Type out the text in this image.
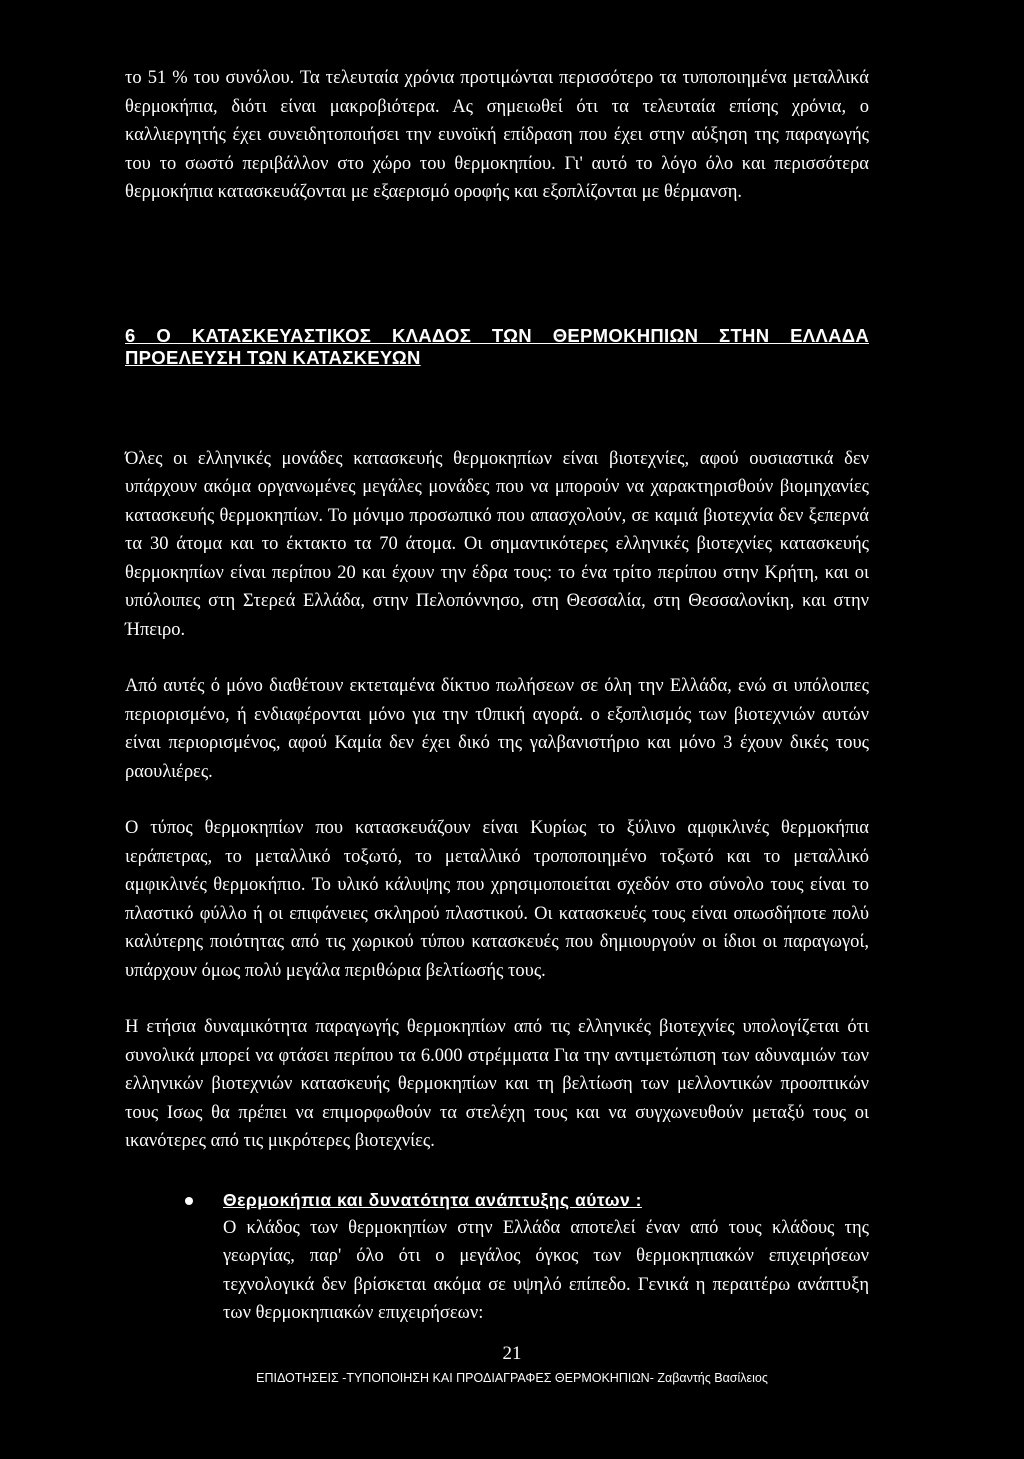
το 51 % του συνόλου. Τα τελευταία χρόνια προτιμώνται περισσότερο τα τυποποιημένα μεταλλικά θερμοκήπια, διότι είναι μακροβιότερα. Ας σημειωθεί ότι τα τελευταία επίσης χρόνια, ο καλλιεργητής έχει συνειδητοποιήσει την ευνοϊκή επίδραση που έχει στην αύξηση της παραγωγής του το σωστό περιβάλλον στο χώρο του θερμοκηπίου. Γι' αυτό το λόγο όλο και περισσότερα θερμοκήπια κατασκευάζονται με εξαερισμό οροφής και εξοπλίζονται με θέρμανση.

6 Ο ΚΑΤΑΣΚΕΥΑΣΤΙΚΟΣ ΚΛΑΔΟΣ ΤΩΝ ΘΕΡΜΟΚΗΠΙΩΝ ΣΤΗΝ ΕΛΛΑΔΑ ΠΡΟΕΛΕΥΣΗ ΤΩΝ ΚΑΤΑΣΚΕΥΩΝ

Όλες οι ελληνικές μονάδες κατασκευής θερμοκηπίων είναι βιοτεχνίες, αφού ουσιαστικά δεν υπάρχουν ακόμα οργανωμένες μεγάλες μονάδες που να μπορούν να χαρακτηρισθούν βιομηχανίες κατασκευής θερμοκηπίων. Το μόνιμο προσωπικό που απασχολούν, σε καμιά βιοτεχνία δεν ξεπερνά τα 30 άτομα και το έκτακτο τα 70 άτομα. Οι σημαντικότερες ελληνικές βιοτεχνίες κατασκευής θερμοκηπίων είναι περίπου 20 και έχουν την έδρα τους: το ένα τρίτο περίπου στην Κρήτη, και οι υπόλοιπες στη Στερεά Ελλάδα, στην Πελοπόννησο, στη Θεσσαλία, στη Θεσσαλονίκη, και στην Ήπειρο.

Από αυτές ό μόνο διαθέτουν εκτεταμένα δίκτυο πωλήσεων σε όλη την Ελλάδα, ενώ σι υπόλοιπες περιορισμένο, ή ενδιαφέρονται μόνο για την τ0πική αγορά. ο εξοπλισμός των βιοτεχνιών αυτών είναι περιορισμένος, αφού Καμία δεν έχει δικό της γαλβανιστήριο και μόνο 3 έχουν δικές τους ραουλιέρες.

Ο τύπος θερμοκηπίων που κατασκευάζουν είναι Κυρίως το ξύλινο αμφικλινές θερμοκήπια ιεράπετρας, το μεταλλικό τοξωτό, το μεταλλικό τροποποιημένο τοξωτό και το μεταλλικό αμφικλινές θερμοκήπιο. Το υλικό κάλυψης που χρησιμοποιείται σχεδόν στο σύνολο τους είναι το πλαστικό φύλλο ή οι επιφάνειες σκληρού πλαστικού. Οι κατασκευές τους είναι οπωσδήποτε πολύ καλύτερης ποιότητας από τις χωρικού τύπου κατασκευές που δημιουργούν οι ίδιοι οι παραγωγοί, υπάρχουν όμως πολύ μεγάλα περιθώρια βελτίωσής τους.

Η ετήσια δυναμικότητα παραγωγής θερμοκηπίων από τις ελληνικές βιοτεχνίες υπολογίζεται ότι συνολικά μπορεί να φτάσει περίπου τα 6.000 στρέμματα Για την αντιμετώπιση των αδυναμιών των ελληνικών βιοτεχνιών κατασκευής θερμοκηπίων και τη βελτίωση των μελλοντικών προοπτικών τους Ισως θα πρέπει να επιμορφωθούν τα στελέχη τους και να συγχωνευθούν μεταξύ τους οι ικανότερες από τις μικρότερες βιοτεχνίες.

Θερμοκήπια και δυνατότητα ανάπτυξης αύτων :

Ο κλάδος των θερμοκηπίων στην Ελλάδα αποτελεί έναν από τους κλάδους της γεωργίας, παρ' όλο ότι ο μεγάλος όγκος των θερμοκηπιακών επιχειρήσεων τεχνολογικά δεν βρίσκεται ακόμα σε υψηλό επίπεδο. Γενικά η περαιτέρω ανάπτυξη των θερμοκηπιακών επιχειρήσεων:

21
ΕΠΙΔΟΤΗΣΕΙΣ -ΤΥΠΟΠΟΙΗΣΗ ΚΑΙ ΠΡΟΔΙΑΓΡΑΦΕΣ ΘΕΡΜΟΚΗΠΙΩΝ- Ζαβαντής Βασίλειος
